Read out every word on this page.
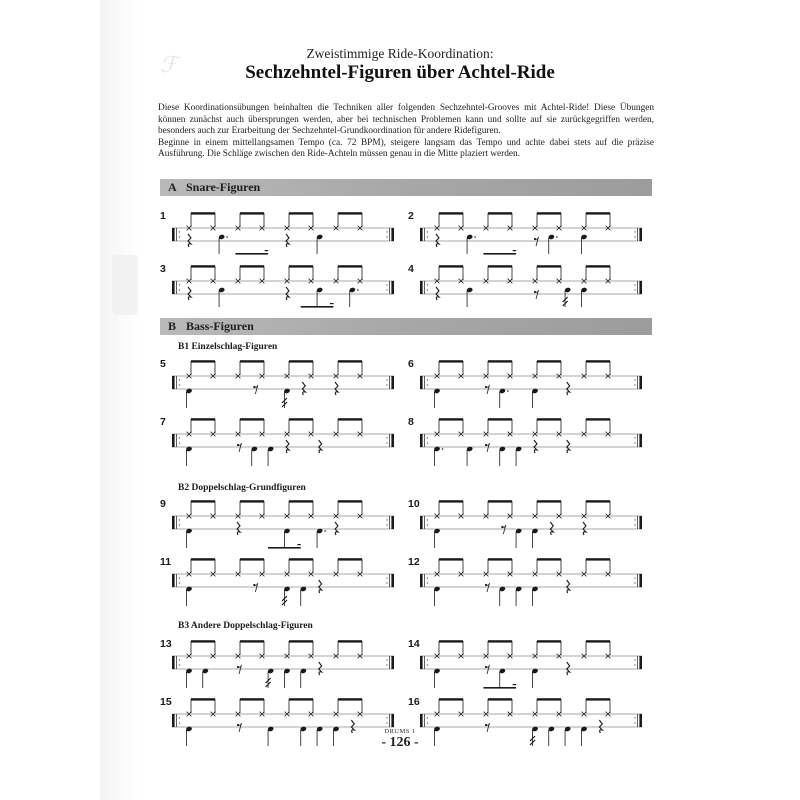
ℱ	Zweistimmige Ride-Koordination:
Sechzehntel-Figuren über Achtel-Ride

Diese Koordinationsübungen beinhalten die Techniken aller folgenden Sechzehntel-Grooves mit Achtel-Ride! Diese Übungen können zunächst auch übersprungen werden, aber bei technischen Problemen kann und sollte auf sie zurückgegriffen werden, besonders auch zur Erarbeitung der Sechzehntel-Grundkoordination für andere Ridefiguren.

Beginne in einem mittellangsamen Tempo (ca. 72 BPM), steigere langsam das Tempo und achte dabei stets auf die präzise Ausführung. Die Schläge zwischen den Ride-Achteln müssen genau in die Mitte plaziert werden.

A Snare-Figuren
B Bass-Figuren
B1 Einzelschlag-Figuren
B2 Doppelschlag-Grundfiguren
B3 Andere Doppelschlag-Figuren
1	2
3	4
5	6
7	8
9	10
11	12
13	14
15	16
DRUMS 1
- 126 -
